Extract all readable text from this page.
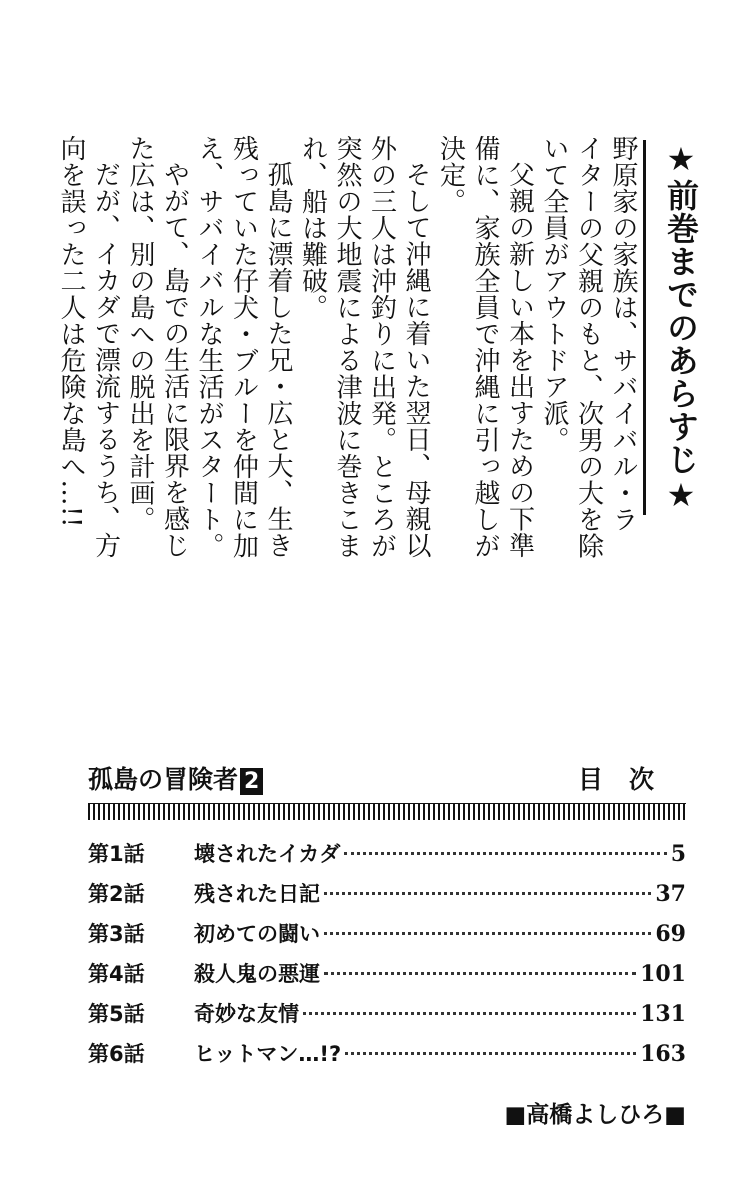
野原家の家族は、サバイバル・ラ

イターの父親のもと、次男の大を除

いて全員がアウトドア派。

父親の新しい本を出すための下準

備に、家族全員で沖縄に引っ越しが

決定。

そして沖縄に着いた翌日、母親以

外の三人は沖釣りに出発。ところが

突然の大地震による津波に巻きこま

れ、船は難破。

孤島に漂着した兄・広と大、生き

残っていた仔犬・ブルーを仲間に加

え、サバイバルな生活がスタート。

やがて、島での生活に限界を感じ

た広は、別の島への脱出を計画。

だが、イカダで漂流するうち、方

向を誤った二人は危険な島へ…!!	★前巻までのあらすじ★
孤島の冒険者 2	目次
第1話	壊されたイカダ	5
第2話	残された日記	37
第3話	初めての闘い	69
第4話	殺人鬼の悪運	101
第5話	奇妙な友情	131
第6話	ヒットマン…!?	163
■高橋よしひろ■
